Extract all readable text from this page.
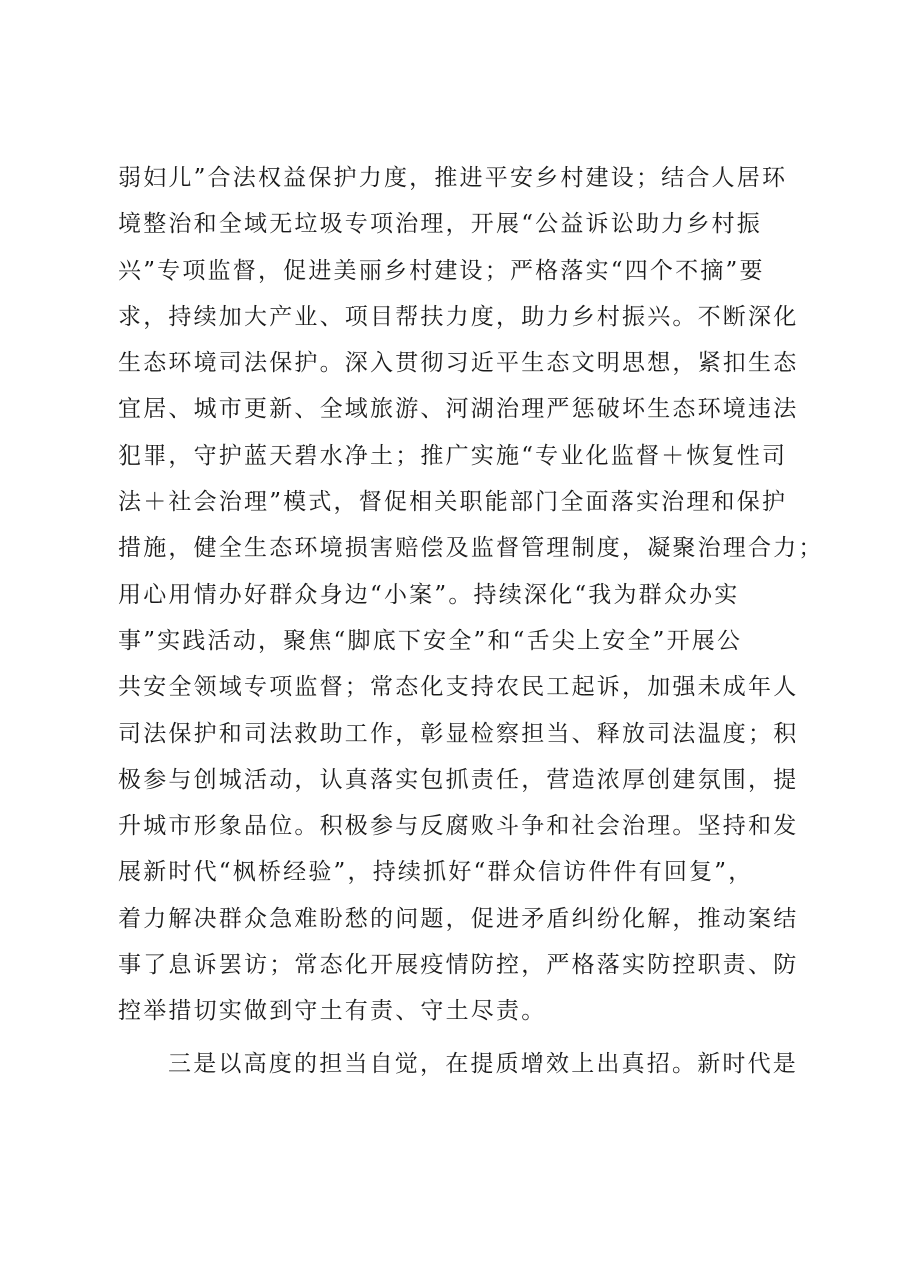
弱妇儿”合法权益保护力度，推进平安乡村建设；结合人居环
境整治和全域无垃圾专项治理，开展“公益诉讼助力乡村振
兴”专项监督，促进美丽乡村建设；严格落实“四个不摘”要
求，持续加大产业、项目帮扶力度，助力乡村振兴。不断深化
生态环境司法保护。深入贯彻习近平生态文明思想，紧扣生态
宜居、城市更新、全域旅游、河湖治理严惩破坏生态环境违法
犯罪，守护蓝天碧水净土；推广实施“专业化监督＋恢复性司
法＋社会治理”模式，督促相关职能部门全面落实治理和保护
措施，健全生态环境损害赔偿及监督管理制度，凝聚治理合力；
用心用情办好群众身边“小案”。持续深化“我为群众办实
事”实践活动，聚焦“脚底下安全”和“舌尖上安全”开展公
共安全领域专项监督；常态化支持农民工起诉，加强未成年人
司法保护和司法救助工作，彰显检察担当、释放司法温度；积
极参与创城活动，认真落实包抓责任，营造浓厚创建氛围，提
升城市形象品位。积极参与反腐败斗争和社会治理。坚持和发
展新时代“枫桥经验”，持续抓好“群众信访件件有回复”，
着力解决群众急难盼愁的问题，促进矛盾纠纷化解，推动案结
事了息诉罢访；常态化开展疫情防控，严格落实防控职责、防
控举措切实做到守土有责、守土尽责。
三是以高度的担当自觉，在提质增效上出真招。新时代是
